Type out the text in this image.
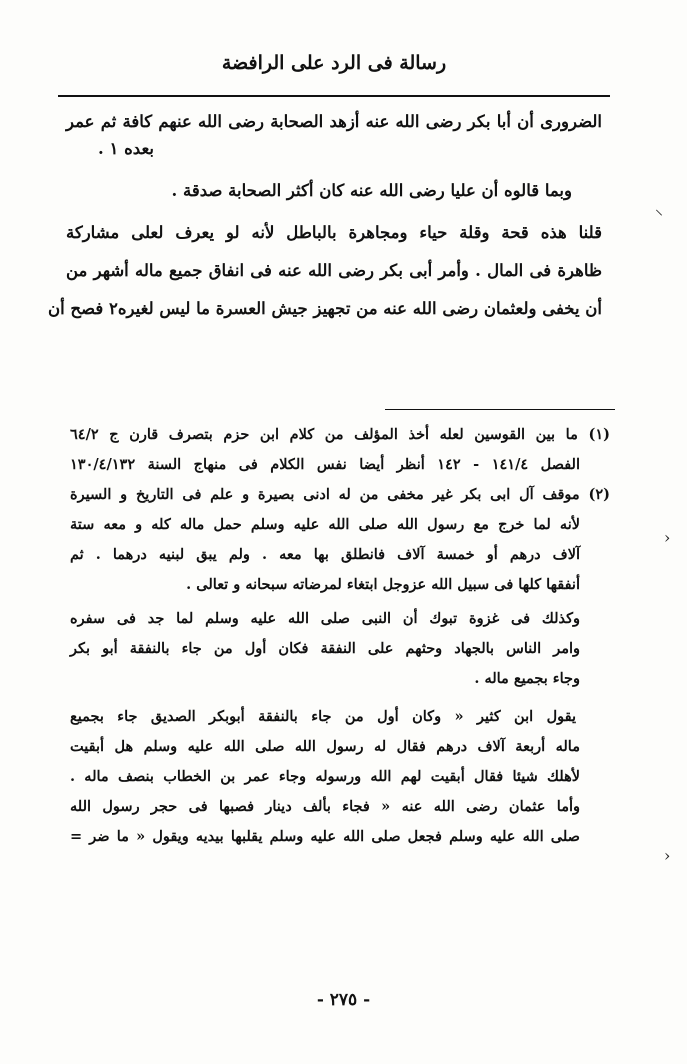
رسالة فى الرد على الرافضة
الضرورى أن أبا بكر رضى الله عنه أزهد الصحابة رضى الله عنهم كافة ثم عمر
بعده ١ .
وبما قالوه أن عليا رضى الله عنه كان أكثر الصحابة صدقة .
قلنا هذه قحة وقلة حياء ومجاهرة بالباطل لأنه لو يعرف لعلى مشاركة
ظاهرة فى المال . وأمر أبى بكر رضى الله عنه فى انفاق جميع ماله أشهر من
أن يخفى ولعثمان رضى الله عنه من تجهيز جيش العسرة ما ليس لغيره٢ فصح أن
(١) ما بين القوسين لعله أخذ المؤلف من كلام ابن حزم بتصرف قارن ج ٦٤/٢
الفصل ١٤١/٤ - ١٤٢ أنظر أيضا نفس الكلام فى منهاج السنة ١٣٠/٤/١٣٢
(٢) موقف آل ابى بكر غير مخفى من له ادنى بصيرة و علم فى التاريخ و السيرة
لأنه لما خرج مع رسول الله صلى الله عليه وسلم حمل ماله كله و معه ستة
آلاف درهم أو خمسة آلاف فانطلق بها معه . ولم يبق لبنيه درهما . ثم
أنفقها كلها فى سبيل الله عزوجل ابتغاء لمرضاته سبحانه و تعالى .
وكذلك فى غزوة تبوك أن النبى صلى الله عليه وسلم لما جد فى سفره
وامر الناس بالجهاد وحثهم على النفقة فكان أول من جاء بالنفقة أبو بكر
وجاء بجميع ماله .
يقول ابن كثير « وكان أول من جاء بالنفقة أبوبكر الصديق جاء بجميع
ماله أربعة آلاف درهم فقال له رسول الله صلى الله عليه وسلم هل أبقيت
لأهلك شيئا فقال أبقيت لهم الله ورسوله وجاء عمر بن الخطاب بنصف ماله .
وأما عثمان رضى الله عنه « فجاء بألف دينار فصبها فى حجر رسول الله
صلى الله عليه وسلم فجعل صلى الله عليه وسلم يقلبها بيديه ويقول « ما ضر =
- ٢٧٥ -
⸌
›
›
